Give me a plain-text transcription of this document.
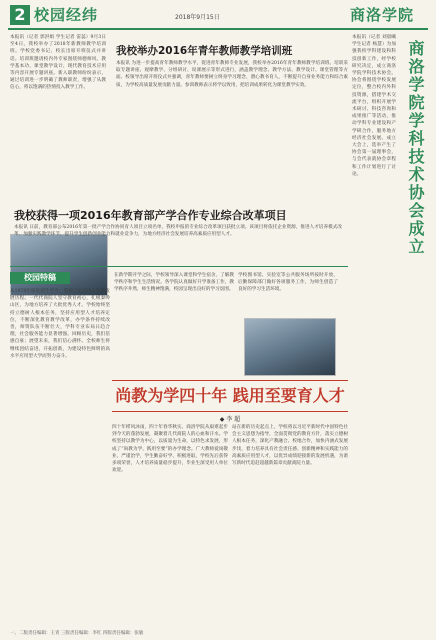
2 校园经纬	2018年9月15日	商洛学院
本报讯（记者 郭洪娟 学生记者 雷蕊）9月3日至4日，我校举办了2018年新教师教学培训班。学校党委书记、校长出席开班仪式并讲话。培训班邀请校内外专家围绕师德师风、教学基本功、课堂教学设计、现代教育技术应用等内容开展专题讲座。新入职教师纷纷表示，通过培训进一步明确了教师职责，增强了从教信心，将以饱满的热情投入教学工作。
我校举办2016年青年教师教学培训班
本报讯 为进一步提高青年教师教学水平，促进青年教师专业发展，我校举办2016年青年教师教学培训班。培训采取专题讲座、观摩教学、分组研讨、说课展示等形式进行，涵盖教学理念、教学方法、教学设计、课堂管理等方面。校领导出席开班仪式并强调，青年教师要树立终身学习理念，潜心教书育人，不断提升自身业务能力和综合素质，为学校高质量发展贡献力量。参训教师表示将学以致用，把培训成果转化为课堂教学实效。	商洛学院学科技术协会成立
本报讯（记者 刘晨曦 学生记者 杨慧）为加强我校学科建设和科技创新工作，经学校研究决定，成立商洛学院学科技术协会。协会将围绕学校发展定位，整合校内外科技资源，搭建学术交流平台，组织开展学术研讨、科技咨询和成果推广等活动，推动学科专业建设和产学研合作，服务地方经济社会发展。成立大会上，选举产生了协会第一届理事会，与会代表就协会章程和工作计划进行了讨论。
我校获得一项2016年教育部产学合作专业综合改革项目
本报讯 日前，教育部公布2016年第一批产学合作协同育人项目立项名单，我校申报的专业综合改革项目获批立项。该项目将依托企业资源，推进人才培养模式改革，加强实践教学环节，提升学生创新创业能力和就业竞争力，为地方经济社会发展培养高素质应用型人才。
校园特稿
从1978年恢复招生至今，我校已走过四十年的发展历程。一代代商院人坚守教育初心，扎根秦岭山区，为地方培养了大批优秀人才。学校始终坚持立德树人根本任务，坚持应用型人才培养定位，不断深化教育教学改革，办学条件持续改善，师资队伍不断壮大，学科专业布局日趋合理，社会服务能力显著增强。回顾历史，我们倍感自豪；展望未来，我们信心满怀。全校师生将继续团结奋进，开拓创新，为建设特色鲜明的高水平应用型大学而努力奋斗。
在新学期开学之际，学校领导深入课堂和学生宿舍，了解教学秩序和学生生活情况。各学院认真做好开学准备工作，教学秩序井然，师生精神饱满，校园呈现出良好的学习氛围。
学校图书馆、实验室等公共服务场所按时开放，后勤保障部门做好各项服务工作，为师生创造了良好的学习生活环境。
尚教为学四十年 践用至要育人才
◆ 李 超
四十年栉风沐雨，四十年春华秋实。商洛学院从艰难起步到今天的蓬勃发展，凝聚着几代商院人的心血和汗水。学校坚持以教学为中心，以质量为生命，以特色求发展，形成了“尚教为学、践用至要”的办学理念。广大教师爱岗敬业、严谨治学，学生勤奋好学、积极进取，学校先后获得多项荣誉，人才培养质量稳步提升，毕业生深受用人单位欢迎。
站在新的历史起点上，学校将以习近平新时代中国特色社会主义思想为指导，全面贯彻党的教育方针，落实立德树人根本任务，深化产教融合、校地合作，加快内涵式发展步伐，着力培养具有社会责任感、创新精神和实践能力的高素质应用型人才，以优异成绩迎接新的发展机遇，为谱写新时代追赶超越新篇章贡献商院力量。
一、二版责任编辑：王青 三版责任编辑：李红 四版责任编辑：张敏
